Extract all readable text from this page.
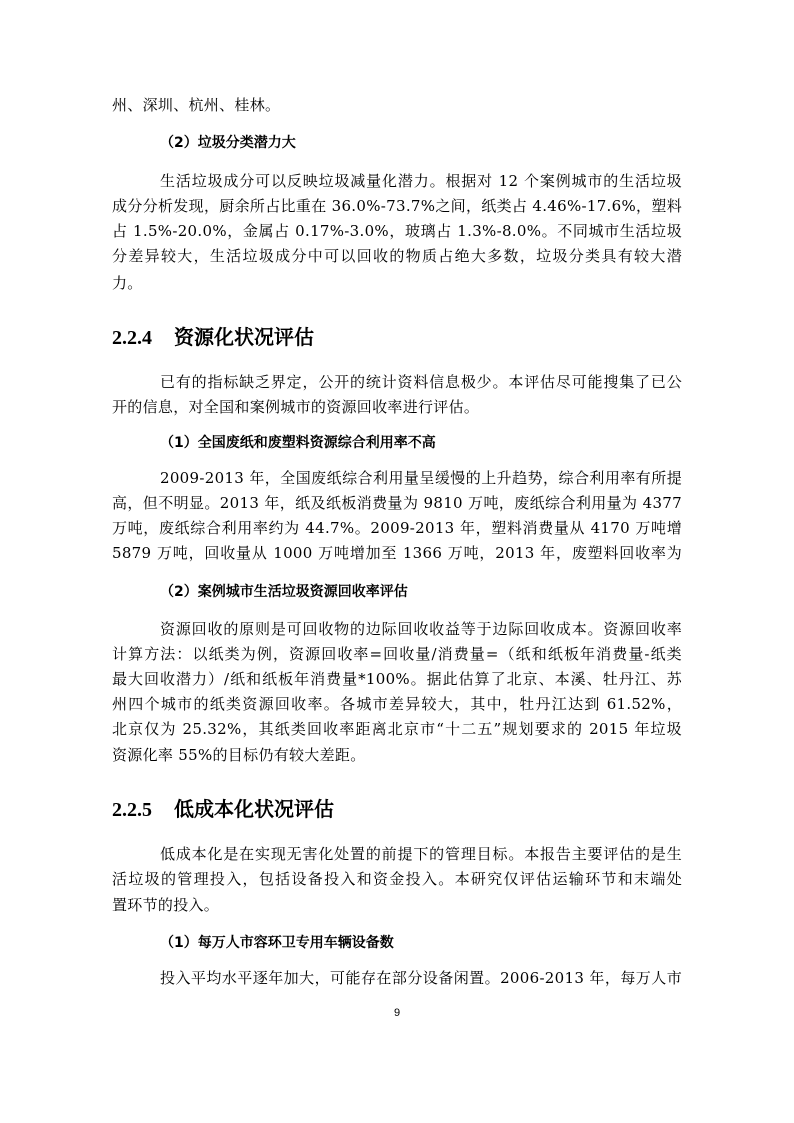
州、深圳、杭州、桂林。
（2）垃圾分类潜力大
生活垃圾成分可以反映垃圾减量化潜力。根据对 12 个案例城市的生活垃圾
成分分析发现，厨余所占比重在 36.0%-73.7%之间，纸类占 4.46%-17.6%，塑料
占 1.5%-20.0%，金属占 0.17%-3.0%，玻璃占 1.3%-8.0%。不同城市生活垃圾
分差异较大，生活垃圾成分中可以回收的物质占绝大多数，垃圾分类具有较大潜
力。
2.2.4 资源化状况评估
已有的指标缺乏界定，公开的统计资料信息极少。本评估尽可能搜集了已公
开的信息，对全国和案例城市的资源回收率进行评估。
（1）全国废纸和废塑料资源综合利用率不高
2009-2013 年，全国废纸综合利用量呈缓慢的上升趋势，综合利用率有所提
高，但不明显。2013 年，纸及纸板消费量为 9810 万吨，废纸综合利用量为 4377
万吨，废纸综合利用率约为 44.7%。2009-2013 年，塑料消费量从 4170 万吨增
5879 万吨，回收量从 1000 万吨增加至 1366 万吨，2013 年，废塑料回收率为
（2）案例城市生活垃圾资源回收率评估
资源回收的原则是可回收物的边际回收收益等于边际回收成本。资源回收率
计算方法：以纸类为例，资源回收率=回收量/消费量=（纸和纸板年消费量-纸类
最大回收潜力）/纸和纸板年消费量*100%。据此估算了北京、本溪、牡丹江、苏
州四个城市的纸类资源回收率。各城市差异较大，其中，牡丹江达到 61.52%，
北京仅为 25.32%，其纸类回收率距离北京市“十二五”规划要求的 2015 年垃圾
资源化率 55%的目标仍有较大差距。
2.2.5 低成本化状况评估
低成本化是在实现无害化处置的前提下的管理目标。本报告主要评估的是生
活垃圾的管理投入，包括设备投入和资金投入。本研究仅评估运输环节和末端处
置环节的投入。
（1）每万人市容环卫专用车辆设备数
投入平均水平逐年加大，可能存在部分设备闲置。2006-2013 年，每万人市
9
